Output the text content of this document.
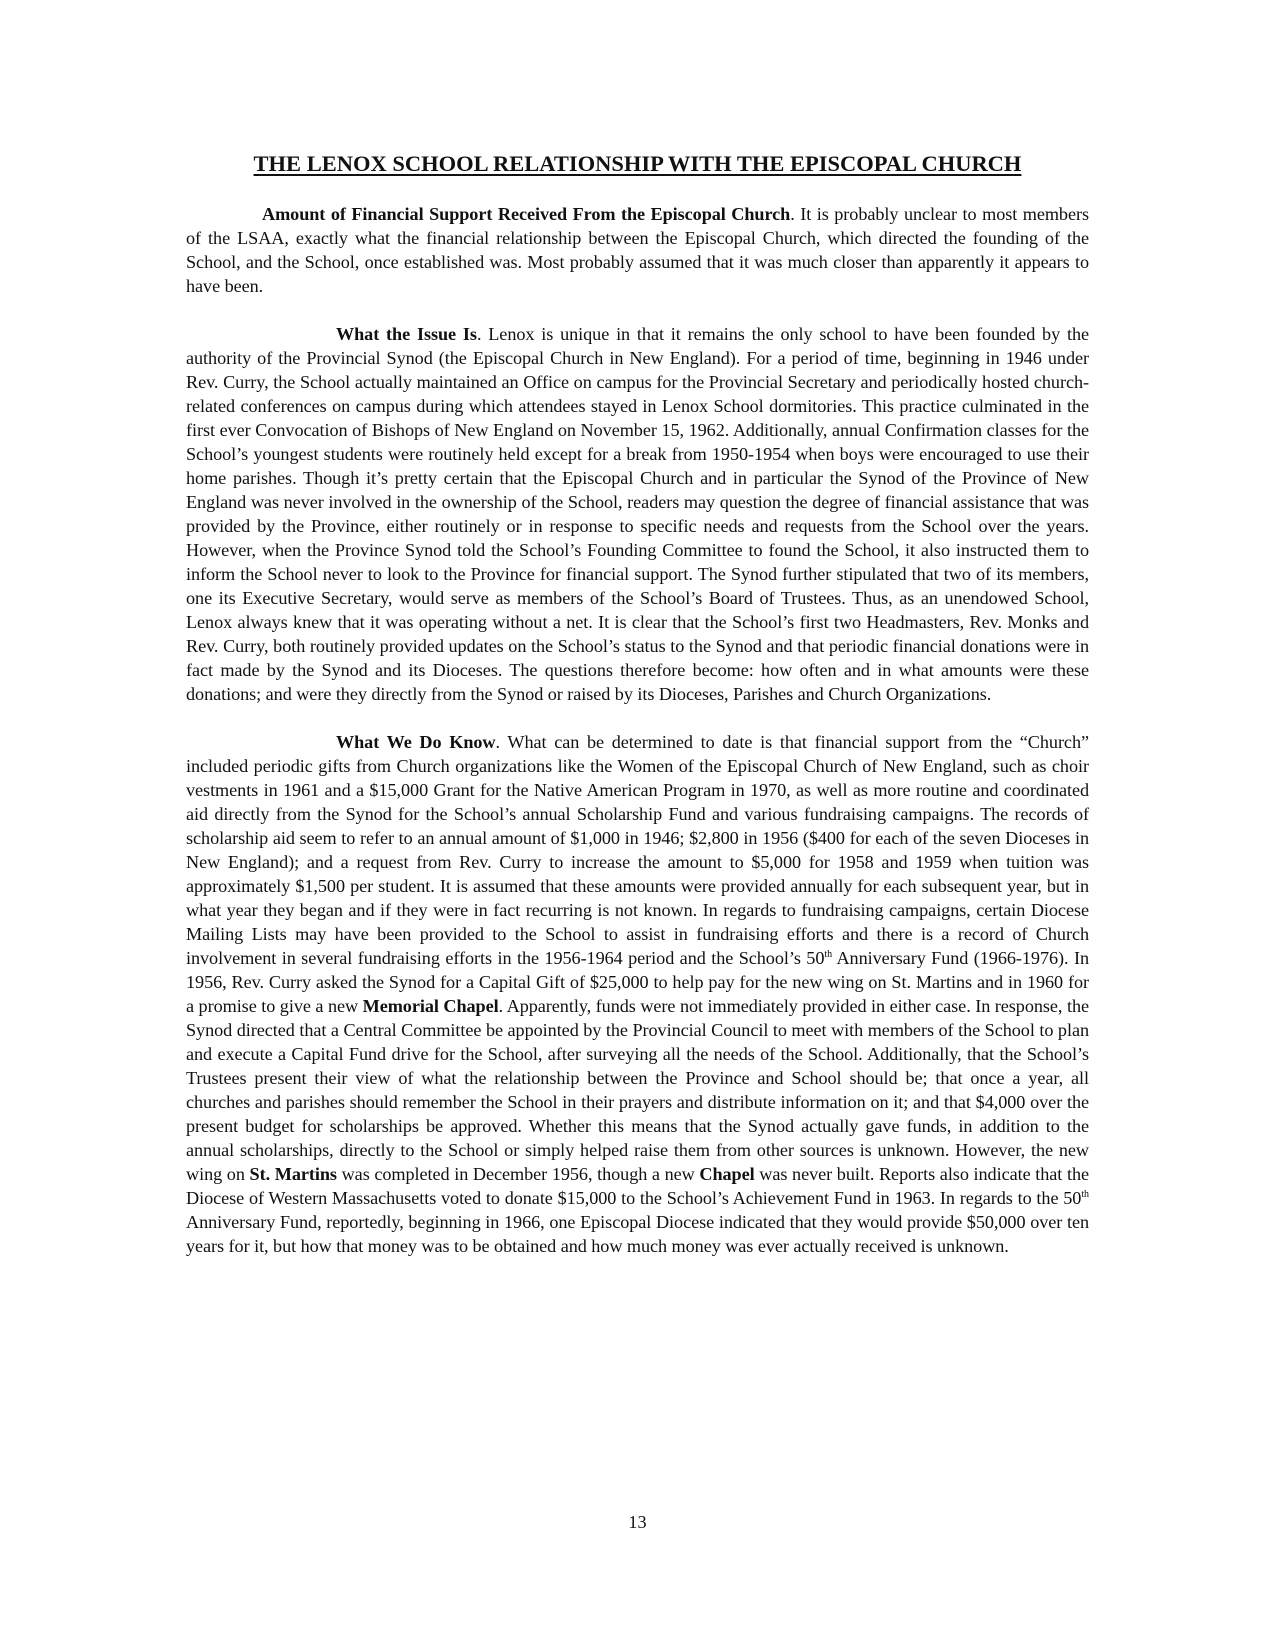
THE LENOX SCHOOL RELATIONSHIP WITH THE EPISCOPAL CHURCH

Amount of Financial Support Received From the Episcopal Church. It is probably unclear to most members of the LSAA, exactly what the financial relationship between the Episcopal Church, which directed the founding of the School, and the School, once established was. Most probably assumed that it was much closer than apparently it appears to have been.

What the Issue Is. Lenox is unique in that it remains the only school to have been founded by the authority of the Provincial Synod (the Episcopal Church in New England). For a period of time, beginning in 1946 under Rev. Curry, the School actually maintained an Office on campus for the Provincial Secretary and periodically hosted church-related conferences on campus during which attendees stayed in Lenox School dormitories. This practice culminated in the first ever Convocation of Bishops of New England on November 15, 1962. Additionally, annual Confirmation classes for the School’s youngest students were routinely held except for a break from 1950-1954 when boys were encouraged to use their home parishes. Though it’s pretty certain that the Episcopal Church and in particular the Synod of the Province of New England was never involved in the ownership of the School, readers may question the degree of financial assistance that was provided by the Province, either routinely or in response to specific needs and requests from the School over the years. However, when the Province Synod told the School’s Founding Committee to found the School, it also instructed them to inform the School never to look to the Province for financial support. The Synod further stipulated that two of its members, one its Executive Secretary, would serve as members of the School’s Board of Trustees. Thus, as an unendowed School, Lenox always knew that it was operating without a net. It is clear that the School’s first two Headmasters, Rev. Monks and Rev. Curry, both routinely provided updates on the School’s status to the Synod and that periodic financial donations were in fact made by the Synod and its Dioceses. The questions therefore become: how often and in what amounts were these donations; and were they directly from the Synod or raised by its Dioceses, Parishes and Church Organizations.

What We Do Know. What can be determined to date is that financial support from the “Church” included periodic gifts from Church organizations like the Women of the Episcopal Church of New England, such as choir vestments in 1961 and a $15,000 Grant for the Native American Program in 1970, as well as more routine and coordinated aid directly from the Synod for the School’s annual Scholarship Fund and various fundraising campaigns. The records of scholarship aid seem to refer to an annual amount of $1,000 in 1946; $2,800 in 1956 ($400 for each of the seven Dioceses in New England); and a request from Rev. Curry to increase the amount to $5,000 for 1958 and 1959 when tuition was approximately $1,500 per student. It is assumed that these amounts were provided annually for each subsequent year, but in what year they began and if they were in fact recurring is not known. In regards to fundraising campaigns, certain Diocese Mailing Lists may have been provided to the School to assist in fundraising efforts and there is a record of Church involvement in several fundraising efforts in the 1956-1964 period and the School’s 50th Anniversary Fund (1966-1976). In 1956, Rev. Curry asked the Synod for a Capital Gift of $25,000 to help pay for the new wing on St. Martins and in 1960 for a promise to give a new Memorial Chapel. Apparently, funds were not immediately provided in either case. In response, the Synod directed that a Central Committee be appointed by the Provincial Council to meet with members of the School to plan and execute a Capital Fund drive for the School, after surveying all the needs of the School. Additionally, that the School’s Trustees present their view of what the relationship between the Province and School should be; that once a year, all churches and parishes should remember the School in their prayers and distribute information on it; and that $4,000 over the present budget for scholarships be approved. Whether this means that the Synod actually gave funds, in addition to the annual scholarships, directly to the School or simply helped raise them from other sources is unknown. However, the new wing on St. Martins was completed in December 1956, though a new Chapel was never built. Reports also indicate that the Diocese of Western Massachusetts voted to donate $15,000 to the School’s Achievement Fund in 1963. In regards to the 50th Anniversary Fund, reportedly, beginning in 1966, one Episcopal Diocese indicated that they would provide $50,000 over ten years for it, but how that money was to be obtained and how much money was ever actually received is unknown.

13
